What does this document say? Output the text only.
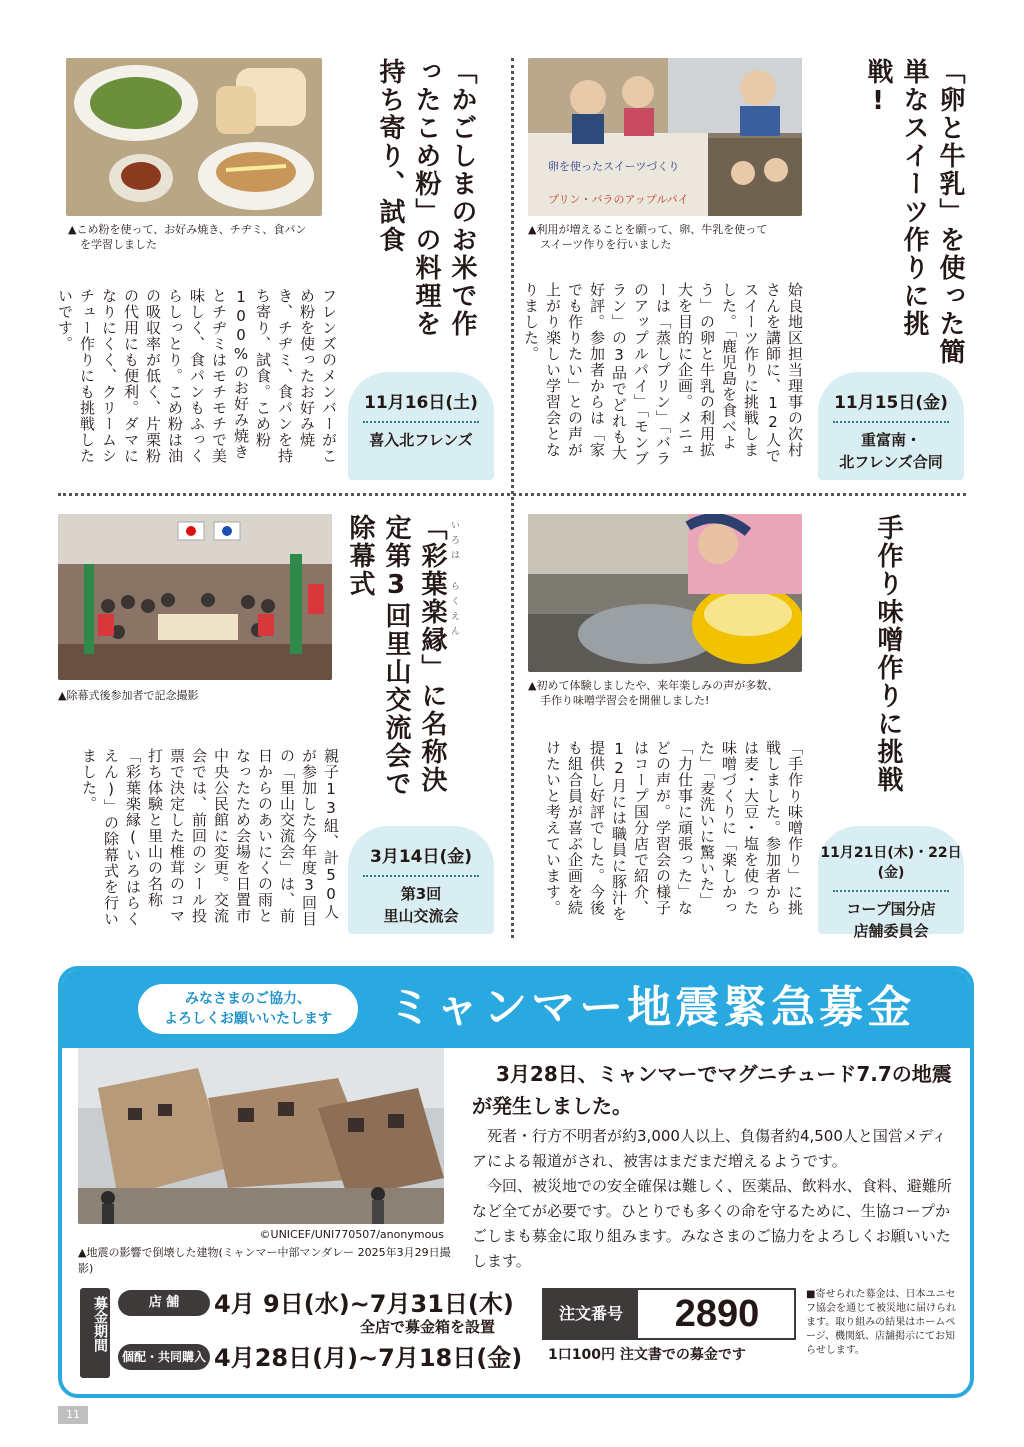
卵を使ったスイーツづくり
プリン・バラのアップルパイ
▲利用が増えることを願って、卵、牛乳を使って
スイーツ作りを行いました	「卵と牛乳」を使った簡単なスイーツ作りに挑戦!
姶良地区担当理事の次村さんを講師に、12人でスイーツ作りに挑戦しました。「鹿児島を食べよう」の卵と牛乳の利用拡大を目的に企画。メニューは「蒸しプリン」「バラのアップルパイ」「モンブラン」の3品でどれも大好評。参加者からは「家でも作りたい」との声が上がり楽しい学習会となりました。
11月15日(金)
重富南・
北フレンズ合同
▲こめ粉を使って、お好み焼き、チヂミ、食パン
を学習しました	「かごしまのお米で作ったこめ粉」の料理を持ち寄り、試食
フレンズのメンバーがこめ粉を使ったお好み焼き、チヂミ、食パンを持ち寄り、試食。こめ粉100%のお好み焼きとチヂミはモチモチで美味しく、食パンもふっくらしっとり。こめ粉は油の吸収率が低く、片栗粉の代用にも便利。ダマになりにくく、クリームシチュー作りにも挑戦したいです。
11月16日(土)
喜入北フレンズ
▲初めて体験しましたや、来年楽しみの声が多数、
手作り味噌学習会を開催しました!	手作り味噌作りに挑戦
「手作り味噌作り」に挑戦しました。参加者からは麦・大豆・塩を使った味噌づくりに「楽しかった」「麦洗いに驚いた」「力仕事に頑張った」などの声が。学習会の様子はコープ国分店で紹介、12月には職員に豚汁を提供し好評でした。今後も組合員が喜ぶ企画を続けたいと考えています。	11月21日(木)・22日(金)
コープ国分店
店舗委員会
▲除幕式後参加者で記念撮影
いろは らくえん
「彩葉楽縁」に名称決定第3回里山交流会で除幕式
親子13組、計50人が参加した今年度3回目の「里山交流会」は、前日からのあいにくの雨となったため会場を日置市中央公民館に変更。交流会では、前回のシール投票で決定した椎茸のコマ打ち体験と里山の名称「彩葉楽縁(いろはらくえん)」の除幕式を行いました。
3月14日(金)
第3回
里山交流会
みなさまのご協力、
よろしくお願いいたします	ミャンマー地震緊急募金
©UNICEF/UNI770507/anonymous
▲地震の影響で倒壊した建物(ミャンマー中部マンダレー 2025年3月29日撮影)
3月28日、ミャンマーでマグニチュード7.7の地震が発生しました。
死者・行方不明者が約3,000人以上、負傷者約4,500人と国営メディアによる報道がされ、被害はまだまだ増えるようです。
今回、被災地での安全確保は難しく、医薬品、飲料水、食料、避難所など全てが必要です。ひとりでも多くの命を守るために、生協コープかごしまも募金に取り組みます。みなさまのご協力をよろしくお願いいたします。
募金期間	店 舗	4月 9日(水)~7月31日(木)
全店で募金箱を設置
個配・共同購入 4月28日(月)~7月18日(金)
注文番号	2890
1口100円 注文書での募金です
■寄せられた募金は、日本ユニセフ協会を通じて被災地に届けられます。取り組みの結果はホームページ、機関紙、店舗掲示にてお知らせします。
11
